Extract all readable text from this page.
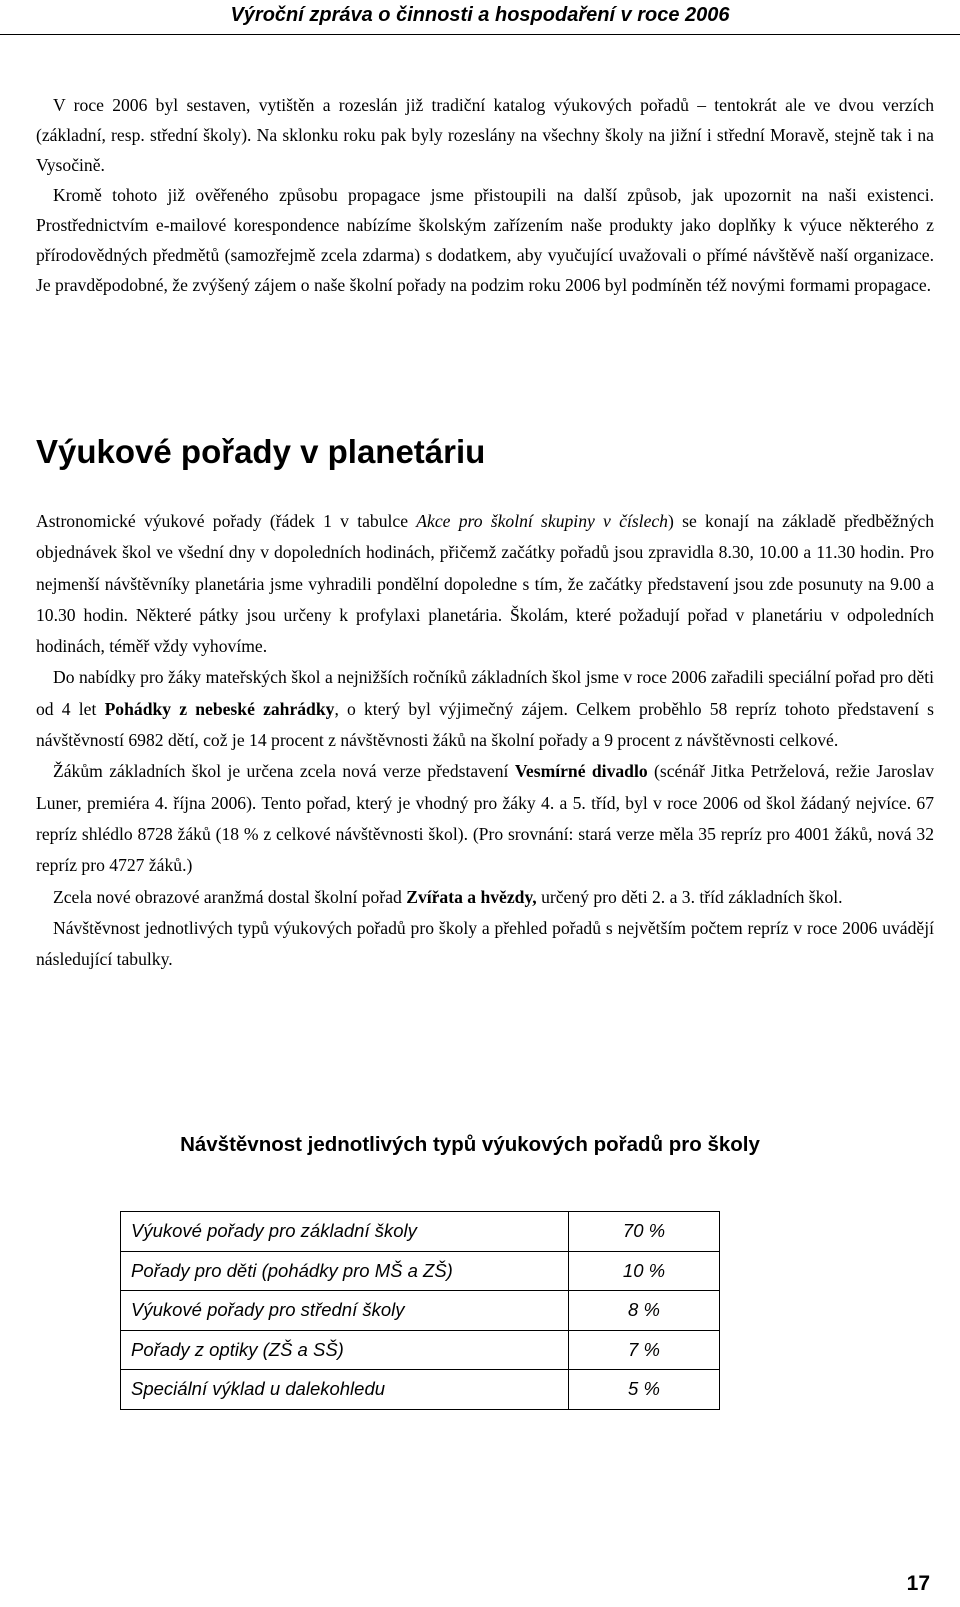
Výroční zpráva o činnosti a hospodaření v roce 2006

V roce 2006 byl sestaven, vytištěn a rozeslán již tradiční katalog výukových pořadů – tentokrát ale ve dvou verzích (základní, resp. střední školy). Na sklonku roku pak byly rozeslány na všechny školy na jižní i střední Moravě, stejně tak i na Vysočině.

Kromě tohoto již ověřeného způsobu propagace jsme přistoupili na další způsob, jak upozornit na naši existenci. Prostřednictvím e-mailové korespondence nabízíme školským zařízením naše produkty jako doplňky k výuce některého z přírodovědných předmětů (samozřejmě zcela zdarma) s dodatkem, aby vyučující uvažovali o přímé návštěvě naší organizace. Je pravděpodobné, že zvýšený zájem o naše školní pořady na podzim roku 2006 byl podmíněn též novými formami propagace.

Výukové pořady v planetáriu

Astronomické výukové pořady (řádek 1 v tabulce Akce pro školní skupiny v číslech) se konají na základě předběžných objednávek škol ve všední dny v dopoledních hodinách, přičemž začátky pořadů jsou zpravidla 8.30, 10.00 a 11.30 hodin. Pro nejmenší návštěvníky planetária jsme vyhradili pondělní dopoledne s tím, že začátky představení jsou zde posunuty na 9.00 a 10.30 hodin. Některé pátky jsou určeny k profylaxi planetária. Školám, které požadují pořad v planetáriu v odpoledních hodinách, téměř vždy vyhovíme.

Do nabídky pro žáky mateřských škol a nejnižších ročníků základních škol jsme v roce 2006 zařadili speciální pořad pro děti od 4 let Pohádky z nebeské zahrádky, o který byl výjimečný zájem. Celkem proběhlo 58 repríz tohoto představení s návštěvností 6982 dětí, což je 14 procent z návštěvnosti žáků na školní pořady a 9 procent z návštěvnosti celkové.

Žákům základních škol je určena zcela nová verze představení Vesmírné divadlo (scénář Jitka Petrželová, režie Jaroslav Luner, premiéra 4. října 2006). Tento pořad, který je vhodný pro žáky 4. a 5. tříd, byl v roce 2006 od škol žádaný nejvíce. 67 repríz shlédlo 8728 žáků (18 % z celkové návštěvnosti škol). (Pro srovnání: stará verze měla 35 repríz pro 4001 žáků, nová 32 repríz pro 4727 žáků.)

Zcela nové obrazové aranžmá dostal školní pořad Zvířata a hvězdy, určený pro děti 2. a 3. tříd základních škol.

Návštěvnost jednotlivých typů výukových pořadů pro školy a přehled pořadů s největším počtem repríz v roce 2006 uvádějí následující tabulky.

Návštěvnost jednotlivých typů výukových pořadů pro školy
Výukové pořady pro základní školy	70 %
Pořady pro děti (pohádky pro MŠ a ZŠ)	10 %
Výukové pořady pro střední školy	8 %
Pořady z optiky (ZŠ a SŠ)	7 %
Speciální výklad u dalekohledu	5 %
17
